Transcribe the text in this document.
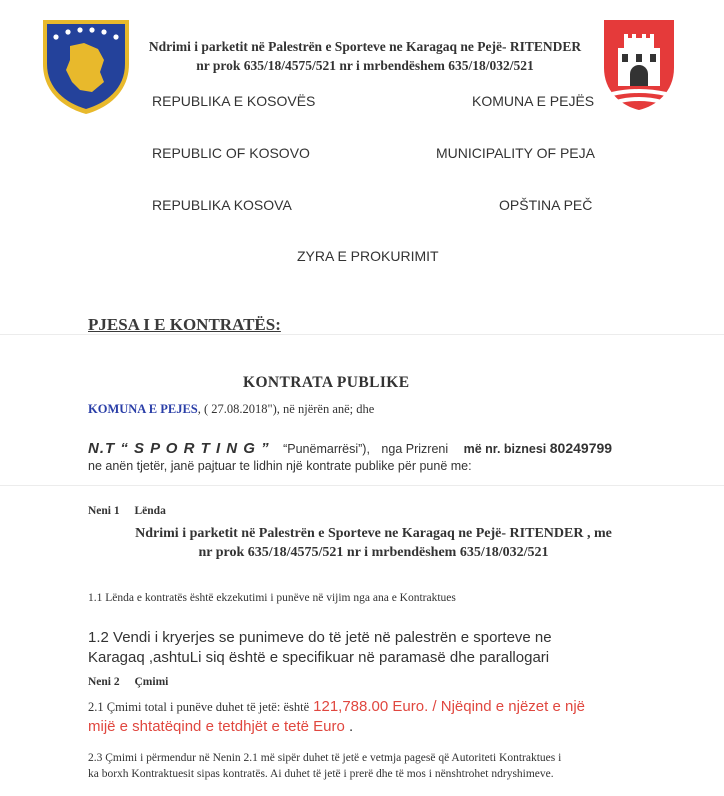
Ndrimi i parketit në Palestrën e Sporteve ne Karagaq ne Pejë- RITENDER
nr prok 635/18/4575/521 nr i mrbendëshem 635/18/032/521
REPUBLIKA E KOSOVËS	KOMUNA E PEJËS
REPUBLIC OF KOSOVO	MUNICIPALITY OF PEJA
REPUBLIKA KOSOVA	OPŠTINA PEČ
ZYRA E PROKURIMIT
PJESA I E KONTRATËS:
KONTRATA PUBLIKE
KOMUNA E PEJES, ( 27.08.2018"), në njërën anë; dhe
N.T “ S P O R T I N G ” “Punëmarrësi”), nga Prizreni më nr. biznesi 80249799
ne anën tjetër, janë pajtuar te lidhin një kontrate publike për punë me:
Neni 1 Lënda
Ndrimi i parketit në Palestrën e Sporteve ne Karagaq ne Pejë- RITENDER , me
nr prok 635/18/4575/521 nr i mrbendëshem 635/18/032/521
1.1 Lënda e kontratës është ekzekutimi i punëve në vijim nga ana e Kontraktues
1.2 Vendi i kryerjes se punimeve do të jetë në palestrën e sporteve ne
Karagaq ,ashtuLi siq është e specifikuar në paramasë dhe parallogari
Neni 2 Çmimi
2.1 Çmimi total i punëve duhet të jetë: është 121,788.00 Euro. / Njëqind e njëzet e një
mijë e shtatëqind e tetdhjët e tetë Euro .
2.3 Çmimi i përmendur në Nenin 2.1 më sipër duhet të jetë e vetmja pagesë që Autoriteti Kontraktues i
ka borxh Kontraktuesit sipas kontratës. Ai duhet të jetë i prerë dhe të mos i nënshtrohet ndryshimeve.
